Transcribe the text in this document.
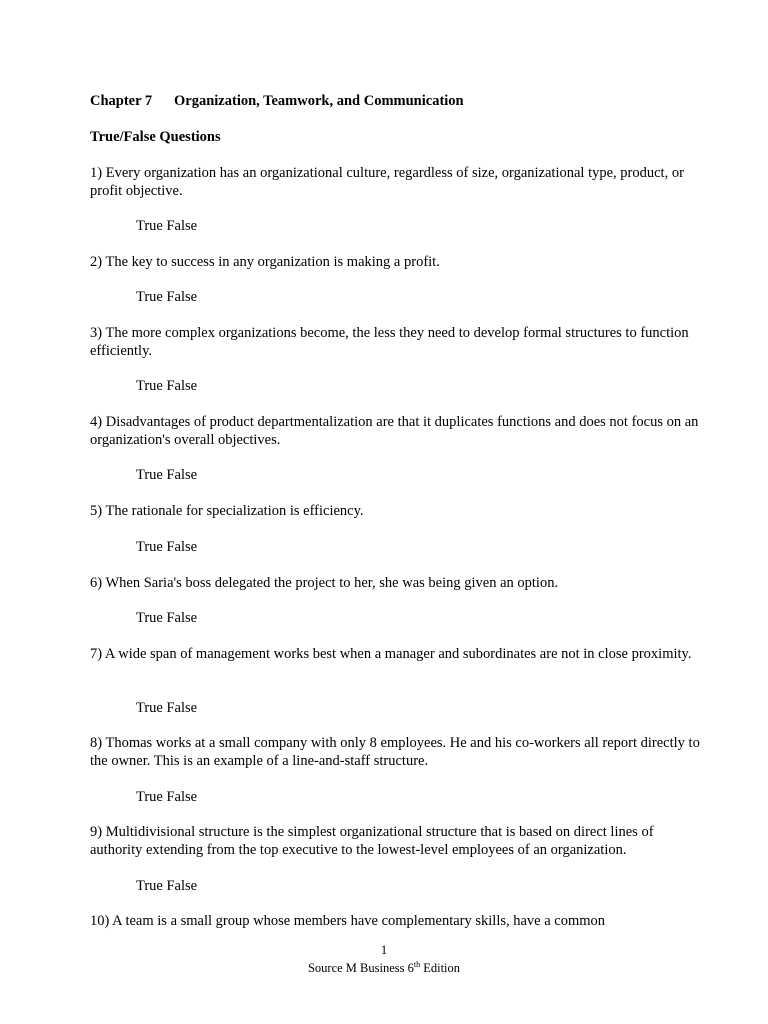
Chapter 7 Organization, Teamwork, and Communication
True/False Questions
1) Every organization has an organizational culture, regardless of size, organizational type, product, or profit objective.
True False
2) The key to success in any organization is making a profit.
True False
3) The more complex organizations become, the less they need to develop formal structures to function efficiently.
True False
4) Disadvantages of product departmentalization are that it duplicates functions and does not focus on an organization's overall objectives.
True False
5) The rationale for specialization is efficiency.
True False
6) When Saria's boss delegated the project to her, she was being given an option.
True False
7) A wide span of management works best when a manager and subordinates are not in close proximity.
True False
8) Thomas works at a small company with only 8 employees. He and his co-workers all report directly to the owner. This is an example of a line-and-staff structure.
True False
9) Multidivisional structure is the simplest organizational structure that is based on direct lines of authority extending from the top executive to the lowest-level employees of an organization.
True False
10) A team is a small group whose members have complementary skills, have a common
1
Source M Business 6th Edition
